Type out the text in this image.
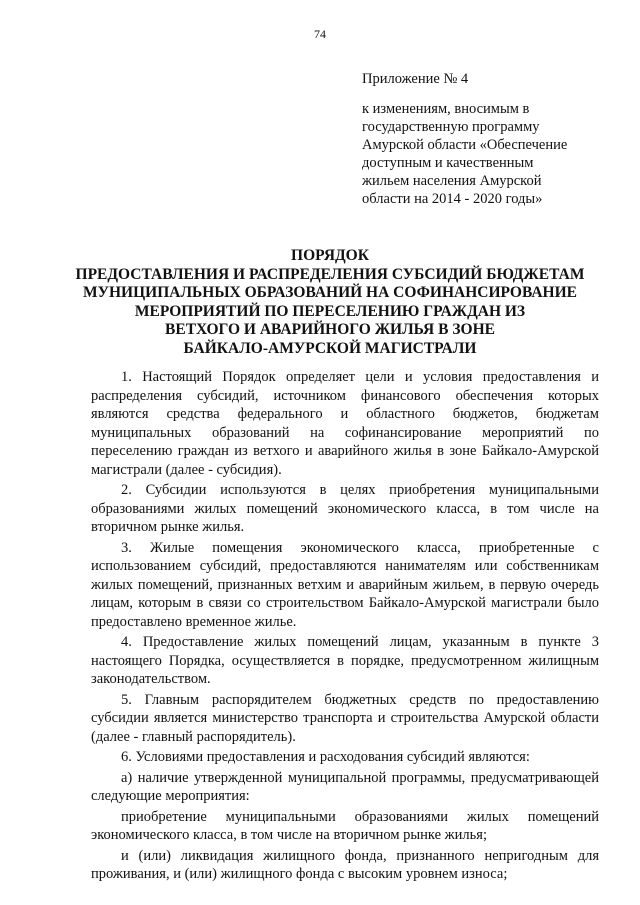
74
Приложение № 4
к изменениям, вносимым в
государственную программу
Амурской области «Обеспечение
доступным и качественным
жильем населения Амурской
области на 2014 - 2020 годы»
ПОРЯДОК
ПРЕДОСТАВЛЕНИЯ И РАСПРЕДЕЛЕНИЯ СУБСИДИЙ БЮДЖЕТАМ
МУНИЦИПАЛЬНЫХ ОБРАЗОВАНИЙ НА СОФИНАНСИРОВАНИЕ
МЕРОПРИЯТИЙ ПО ПЕРЕСЕЛЕНИЮ ГРАЖДАН ИЗ
ВЕТХОГО И АВАРИЙНОГО ЖИЛЬЯ В ЗОНЕ
БАЙКАЛО-АМУРСКОЙ МАГИСТРАЛИ

1. Настоящий Порядок определяет цели и условия предоставления и распределения субсидий, источником финансового обеспечения которых являются средства федерального и областного бюджетов, бюджетам муниципальных образований на софинансирование мероприятий по переселению граждан из ветхого и аварийного жилья в зоне Байкало-Амурской магистрали (далее - субсидия).

2. Субсидии используются в целях приобретения муниципальными образованиями жилых помещений экономического класса, в том числе на вторичном рынке жилья.

3. Жилые помещения экономического класса, приобретенные с использованием субсидий, предоставляются нанимателям или собственникам жилых помещений, признанных ветхим и аварийным жильем, в первую очередь лицам, которым в связи со строительством Байкало-Амурской магистрали было предоставлено временное жилье.

4. Предоставление жилых помещений лицам, указанным в пункте 3 настоящего Порядка, осуществляется в порядке, предусмотренном жилищным законодательством.

5. Главным распорядителем бюджетных средств по предоставлению субсидии является министерство транспорта и строительства Амурской области (далее - главный распорядитель).

6. Условиями предоставления и расходования субсидий являются:

а) наличие утвержденной муниципальной программы, предусматривающей следующие мероприятия:

приобретение муниципальными образованиями жилых помещений экономического класса, в том числе на вторичном рынке жилья;

и (или) ликвидация жилищного фонда, признанного непригодным для проживания, и (или) жилищного фонда с высоким уровнем износа;
